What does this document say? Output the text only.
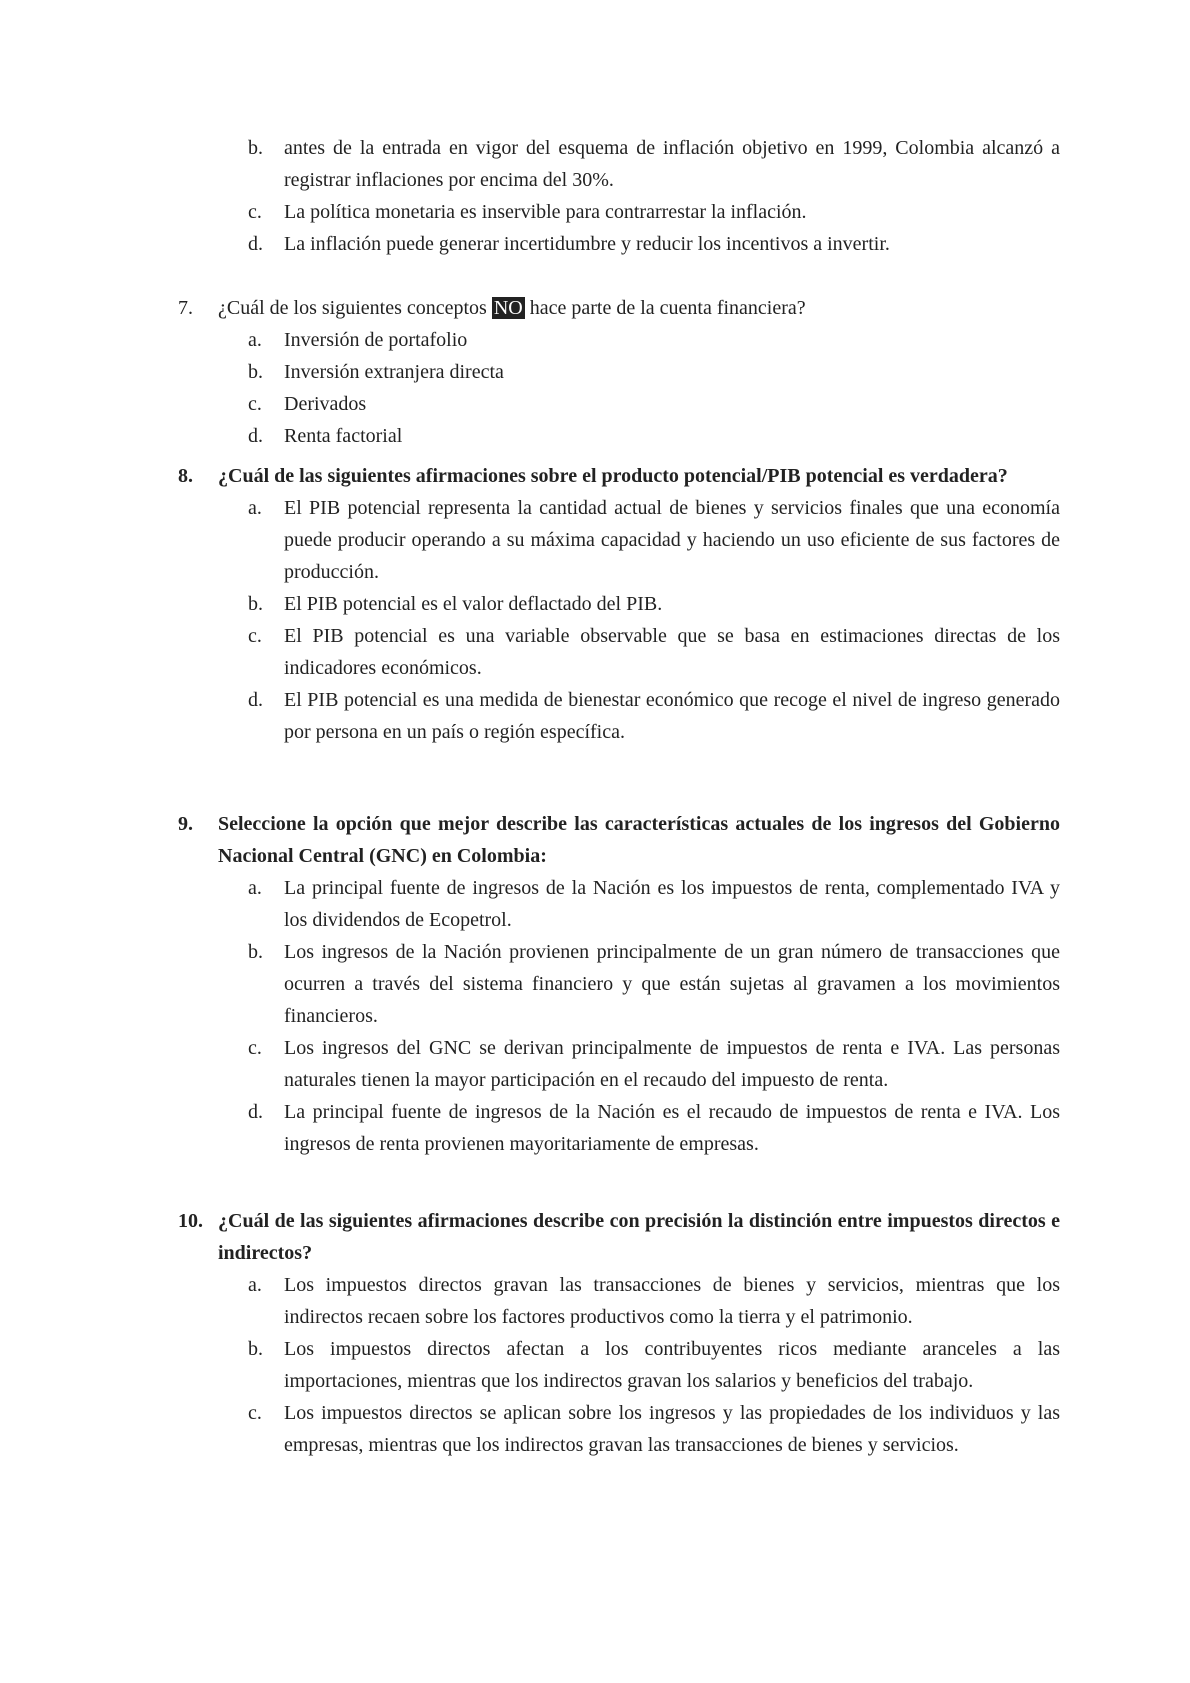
b.	antes de la entrada en vigor del esquema de inflación objetivo en 1999, Colombia alcanzó a registrar inflaciones por encima del 30%.
c.	La política monetaria es inservible para contrarrestar la inflación.
d.	La inflación puede generar incertidumbre y reducir los incentivos a invertir.
7.	¿Cuál de los siguientes conceptos NO hace parte de la cuenta financiera?
a.	Inversión de portafolio
b.	Inversión extranjera directa
c.	Derivados
d.	Renta factorial
8.	¿Cuál de las siguientes afirmaciones sobre el producto potencial/PIB potencial es verdadera?
a.	El PIB potencial representa la cantidad actual de bienes y servicios finales que una economía puede producir operando a su máxima capacidad y haciendo un uso eficiente de sus factores de producción.
b.	El PIB potencial es el valor deflactado del PIB.
c.	El PIB potencial es una variable observable que se basa en estimaciones directas de los indicadores económicos.
d.	El PIB potencial es una medida de bienestar económico que recoge el nivel de ingreso generado por persona en un país o región específica.
9.	Seleccione la opción que mejor describe las características actuales de los ingresos del Gobierno Nacional Central (GNC) en Colombia:
a.	La principal fuente de ingresos de la Nación es los impuestos de renta, complementado IVA y los dividendos de Ecopetrol.
b.	Los ingresos de la Nación provienen principalmente de un gran número de transacciones que ocurren a través del sistema financiero y que están sujetas al gravamen a los movimientos financieros.
c.	Los ingresos del GNC se derivan principalmente de impuestos de renta e IVA. Las personas naturales tienen la mayor participación en el recaudo del impuesto de renta.
d.	La principal fuente de ingresos de la Nación es el recaudo de impuestos de renta e IVA. Los ingresos de renta provienen mayoritariamente de empresas.
10. ¿Cuál de las siguientes afirmaciones describe con precisión la distinción entre impuestos directos e indirectos?
a.	Los impuestos directos gravan las transacciones de bienes y servicios, mientras que los indirectos recaen sobre los factores productivos como la tierra y el patrimonio.
b.	Los impuestos directos afectan a los contribuyentes ricos mediante aranceles a las importaciones, mientras que los indirectos gravan los salarios y beneficios del trabajo.
c.	Los impuestos directos se aplican sobre los ingresos y las propiedades de los individuos y las empresas, mientras que los indirectos gravan las transacciones de bienes y servicios.
